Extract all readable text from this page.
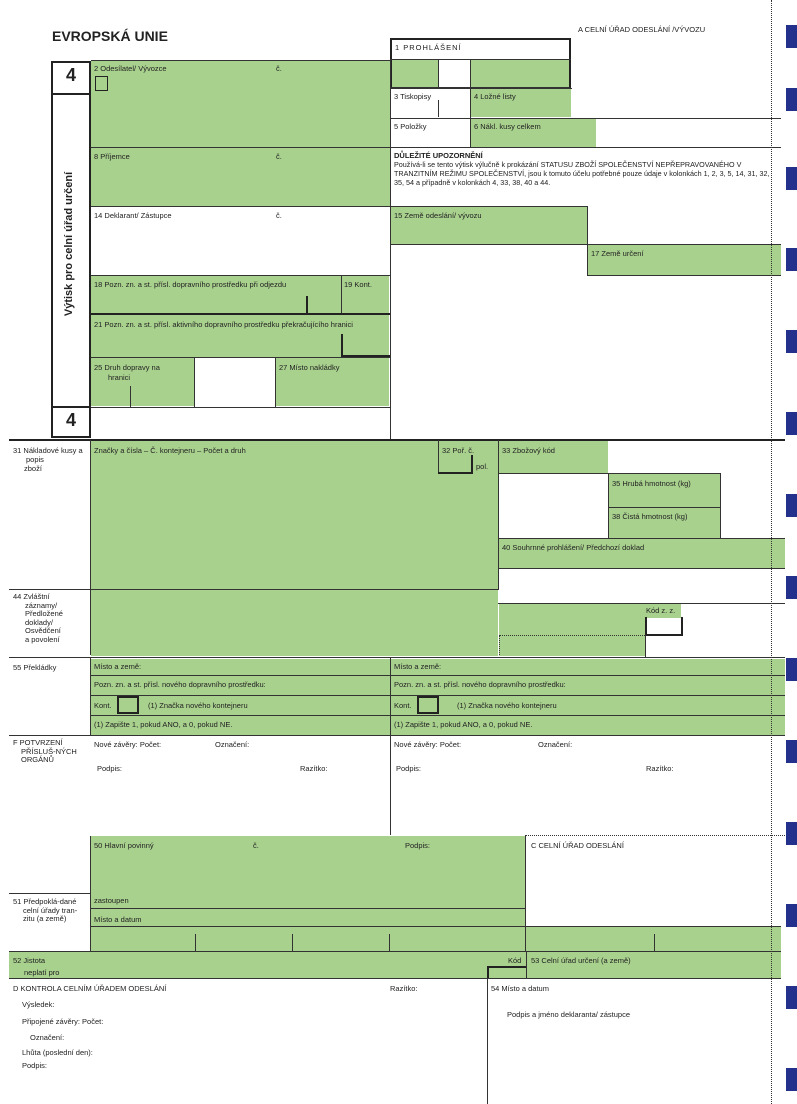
EVROPSKÁ UNIE	A CELNÍ ÚŘAD ODESLÁNÍ /VÝVOZU
4
4
Výtisk pro celní úřad určení
1 PROHLÁŠENÍ
2 Odesílatel/ Vývozce	č.
3 Tiskopisy	4 Ložné listy
5 Položky	6 Nákl. kusy celkem
8 Příjemce	č.	DŮLEŽITÉ UPOZORNĚNÍ
Používá-li se tento výtisk výlučně k prokázání STATUSU ZBOŽÍ SPOLEČENSTVÍ NEPŘEPRAVOVANÉHO V TRANZITNÍM REŽIMU SPOLEČENSTVÍ, jsou k tomuto účelu potřebné pouze údaje v kolonkách 1, 2, 3, 5, 14, 31, 32, 35, 54 a případně v kolonkách 4, 33, 38, 40 a 44.
14 Deklarant/ Zástupce	č.	15 Země odeslání/ vývozu
17 Země určení
18 Pozn. zn. a st. přísl. dopravního prostředku při odjezdu	19 Kont.
21 Pozn. zn. a st. přísl. aktivního dopravního prostředku překračujícího hranici
25 Druh dopravy na
hranici
27 Místo nakládky
31 Nákladové kusy a
popis
zboží
Značky a čísla – Č. kontejneru – Počet a druh	32 Poř. č.
pol.
33 Zbožový kód
35 Hrubá hmotnost (kg)
38 Čistá hmotnost (kg)
40 Souhrnné prohlášení/ Předchozí doklad
44 Zvláštní
záznamy/
Předložené
doklady/
Osvědčení
a povolení
Kód z. z.
55 Překládky	Místo a země:	Místo a země:
Pozn. zn. a st. přísl. nového dopravního prostředku:	Pozn. zn. a st. přísl. nového dopravního prostředku:
Kont.	(1) Značka nového kontejneru	Kont.	(1) Značka nového kontejneru
(1) Zapište 1, pokud ANO, a 0, pokud NE.	(1) Zapište 1, pokud ANO, a 0, pokud NE.
F POTVRZENÍ
PŘÍSLUŠ-NÝCH
ORGÁNŮ
Nové závěry: Počet:	Označení:
Podpis:	Razítko:
Nové závěry: Počet:	Označení:
Podpis:	Razítko:
50 Hlavní povinný	č.	Podpis:	C CELNÍ ÚŘAD ODESLÁNÍ
zastoupen
Místo a datum
51 Předpoklá-dané
celní úřady tran-
zitu (a země)
52 Jistota
neplatí pro
Kód 53 Celní úřad určení (a země)
D KONTROLA CELNÍM ÚŘADEM ODESLÁNÍ	Razítko:	54 Místo a datum
Výsledek:
Připojené závěry: Počet:
Označení:
Lhůta (poslední den):
Podpis:
Podpis a jméno deklaranta/ zástupce
